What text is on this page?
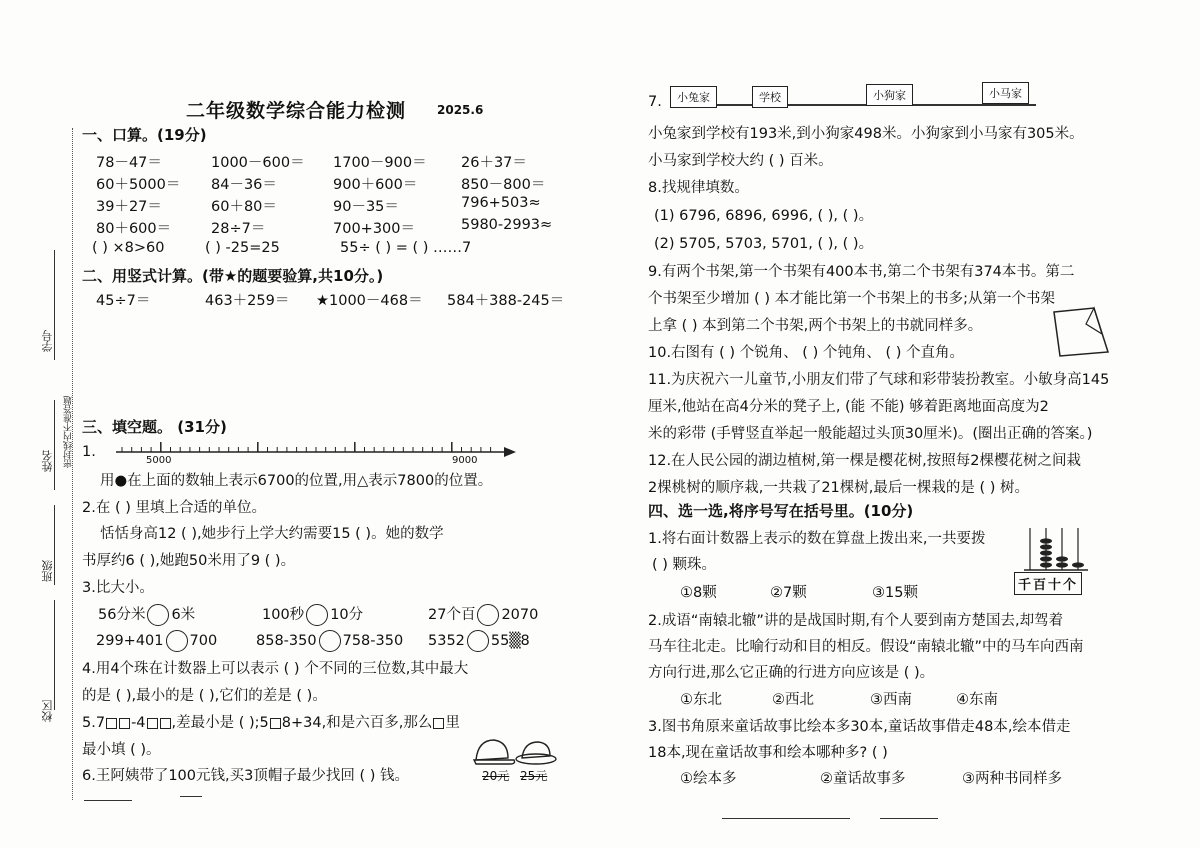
二年级数学综合能力检测	2025.6
密封线内不准答题
学号
姓名
班级
校区
一、口算。(19分)
78－47＝	1000－600＝ 1700－900＝ 26＋37＝
60＋5000＝ 84－36＝	900＋600＝	850－800＝
39＋27＝	60＋80＝	90－35＝	796+503≈
80＋600＝	28÷7＝	700+300＝	5980-2993≈
( ) ×8>60	( ) -25=25	55÷ ( ) = ( ) ……7
二、用竖式计算。(带★的题要验算,共10分。)
45÷7＝	463＋259＝ ★1000－468＝ 584＋388-245＝
三、填空题。 (31分)
1.
5000	9000
用●在上面的数轴上表示6700的位置,用△表示7800的位置。
2.在 ( ) 里填上合适的单位。
恬恬身高12 ( ),她步行上学大约需要15 ( )。她的数学
书厚约6 ( ),她跑50米用了9 ( )。
3.比大小。
56分米 6米	100秒 10分	27个百 2070
299+401 700	858-350 758-350 5352 55▒8
4.用4个珠在计数器上可以表示 ( ) 个不同的三位数,其中最大
的是 ( ),最小的是 ( ),它们的差是 ( )。
5.7 -4 ,差最小是 ( );5 8+34,和是六百多,那么 里
最小填 ( )。
6.王阿姨带了100元钱,买3顶帽子最少找回 ( ) 钱。	20元 25元
7.	小兔家	学校	小狗家	小马家
小兔家到学校有193米,到小狗家498米。小狗家到小马家有305米。
小马家到学校大约 ( ) 百米。
8.找规律填数。
(1) 6796, 6896, 6996, ( ), ( )。
(2) 5705, 5703, 5701, ( ), ( )。
9.有两个书架,第一个书架有400本书,第二个书架有374本书。第二
个书架至少增加 ( ) 本才能比第一个书架上的书多;从第一个书架
上拿 ( ) 本到第二个书架,两个书架上的书就同样多。
10.右图有 ( ) 个锐角、 ( ) 个钝角、 ( ) 个直角。
11.为庆祝六一儿童节,小朋友们带了气球和彩带装扮教室。小敏身高145
厘米,他站在高4分米的凳子上, (能 不能) 够着距离地面高度为2
米的彩带 (手臂竖直举起一般能超过头顶30厘米)。(圈出正确的答案。)
12.在人民公园的湖边植树,第一棵是樱花树,按照每2棵樱花树之间栽
2棵桃树的顺序栽,一共栽了21棵树,最后一棵栽的是 ( ) 树。
四、选一选,将序号写在括号里。(10分)
1.将右面计数器上表示的数在算盘上拨出来,一共要拨
( ) 颗珠。
①8颗	②7颗	③15颗	千百十个
2.成语“南辕北辙”讲的是战国时期,有个人要到南方楚国去,却驾着
马车往北走。比喻行动和目的相反。假设“南辕北辙”中的马车向西南
方向行进,那么它正确的行进方向应该是 ( )。
①东北	②西北	③西南	④东南
3.图书角原来童话故事比绘本多30本,童话故事借走48本,绘本借走
18本,现在童话故事和绘本哪种多? ( )
①绘本多	②童话故事多	③两种书同样多
